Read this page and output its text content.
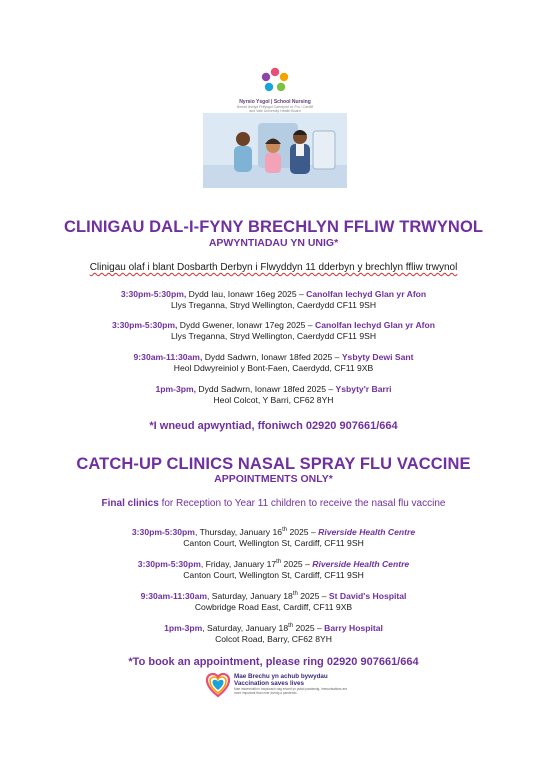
Nyrsio Ysgol | School Nursing
Bwrdd Iechyd Prifysgol Caerdydd a'r Fro / Cardiff and Vale University Health Board
CLINIGAU DAL-I-FYNY BRECHLYN FFLIW TRWYNOL
APWYNTIADAU YN UNIG*
Clinigau olaf i blant Dosbarth Derbyn i Flwyddyn 11 dderbyn y brechlyn ffliw trwynol
3:30pm-5:30pm, Dydd Iau, Ionawr 16eg 2025 – Canolfan Iechyd Glan yr Afon
Llys Treganna, Stryd Wellington, Caerdydd CF11 9SH
3:30pm-5:30pm, Dydd Gwener, Ionawr 17eg 2025 – Canolfan Iechyd Glan yr Afon
Llys Treganna, Stryd Wellington, Caerdydd CF11 9SH
9:30am-11:30am, Dydd Sadwrn, Ionawr 18fed 2025 – Ysbyty Dewi Sant
Heol Ddwyreiniol y Bont-Faen, Caerdydd, CF11 9XB
1pm-3pm, Dydd Sadwrn, Ionawr 18fed 2025 – Ysbyty'r Barri
Heol Colcot, Y Barri, CF62 8YH
*I wneud apwyntiad, ffoniwch 02920 907661/664
CATCH-UP CLINICS NASAL SPRAY FLU VACCINE
APPOINTMENTS ONLY*
Final clinics for Reception to Year 11 children to receive the nasal flu vaccine
3:30pm-5:30pm, Thursday, January 16th 2025 – Riverside Health Centre
Canton Court, Wellington St, Cardiff, CF11 9SH
3:30pm-5:30pm, Friday, January 17th 2025 – Riverside Health Centre
Canton Court, Wellington St, Cardiff, CF11 9SH
9:30am-11:30am, Saturday, January 18th 2025 – St David's Hospital
Cowbridge Road East, Cardiff, CF11 9XB
1pm-3pm, Saturday, January 18th 2025 – Barry Hospital
Colcot Road, Barry, CF62 8YH
*To book an appointment, please ring 02920 907661/664
Mae Brechu yn achub bywydau
Vaccination saves lives
Mae imiwneiddio'n bwysicach nag erioed yn ystod pandemig. Immunisations are more important than ever during a pandemic.
